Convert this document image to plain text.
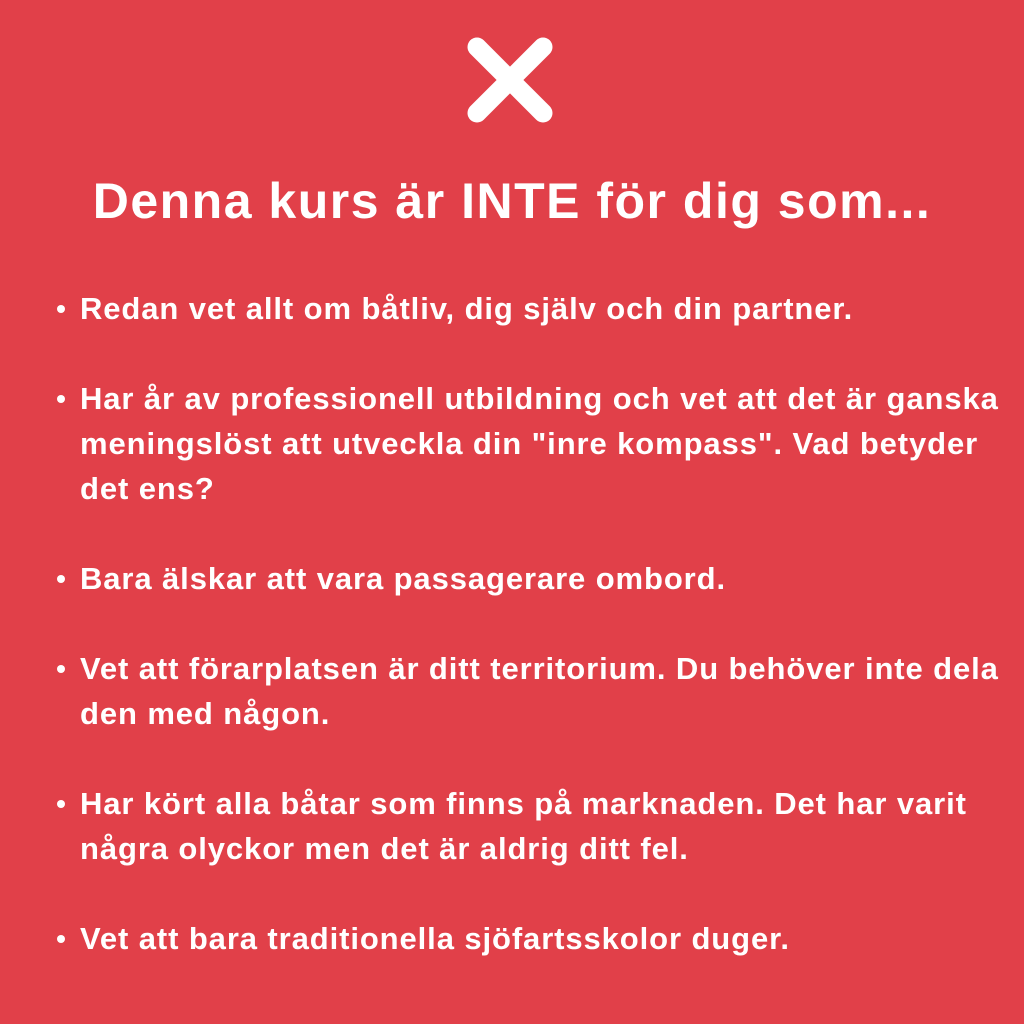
Denna kurs är INTE för dig som...
Redan vet allt om båtliv, dig själv och din partner.
Har år av professionell utbildning och vet att det är ganska meningslöst att utveckla din "inre kompass". Vad betyder det ens?
Bara älskar att vara passagerare ombord.
Vet att förarplatsen är ditt territorium. Du behöver inte dela den med någon.
Har kört alla båtar som finns på marknaden. Det har varit några olyckor men det är aldrig ditt fel.
Vet att bara traditionella sjöfartsskolor duger.
